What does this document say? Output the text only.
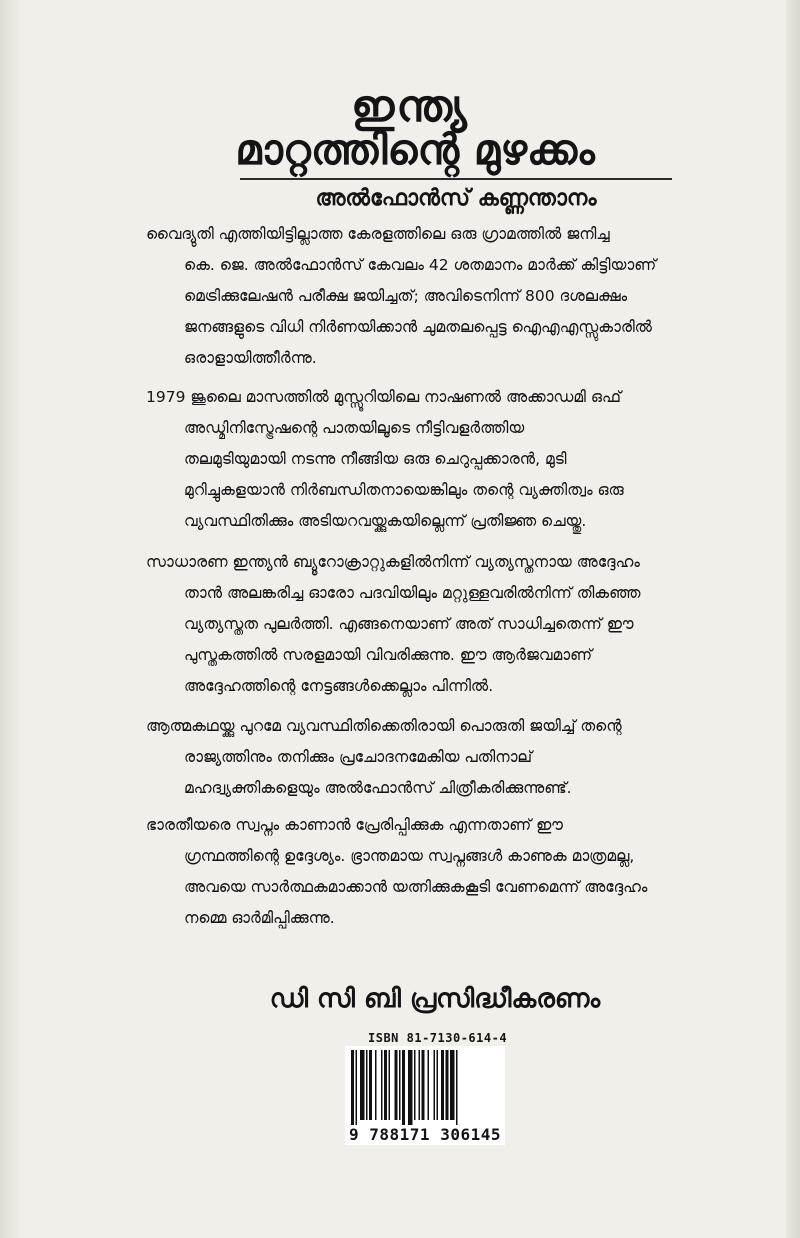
ഇന്ത്യ
മാറ്റത്തിന്റെ മുഴക്കം
അൽഫോൻസ് കണ്ണന്താനം
വൈദ്യുതി എത്തിയിട്ടില്ലാത്ത കേരളത്തിലെ ഒരു ഗ്രാമത്തിൽ ജനിച്ച
കെ. ജെ. അൽഫോൻസ് കേവലം 42 ശതമാനം മാർക്ക് കിട്ടിയാണ്
മെട്രിക്കുലേഷൻ പരീക്ഷ ജയിച്ചത്; അവിടെനിന്ന് 800 ദശലക്ഷം
ജനങ്ങളുടെ വിധി നിർണയിക്കാൻ ചുമതലപ്പെട്ട ഐഎഎസ്സുകാരിൽ
ഒരാളായിത്തീർന്നു.
1979 ജൂലൈ മാസത്തിൽ മുസ്സൂറിയിലെ നാഷണൽ അക്കാഡമി ഒഫ്
അഡ്മിനിസ്ട്രേഷന്റെ പാതയിലൂടെ നീട്ടിവളർത്തിയ
തലമുടിയുമായി നടന്നു നീങ്ങിയ ഒരു ചെറുപ്പക്കാരൻ, മുടി
മുറിച്ചുകളയാൻ നിർബന്ധിതനായെങ്കിലും തന്റെ വ്യക്തിത്വം ഒരു
വ്യവസ്ഥിതിക്കും അടിയറവയ്ക്കുകയില്ലെന്ന് പ്രതിജ്ഞ ചെയ്തു.
സാധാരണ ഇന്ത്യൻ ബ്യൂറോക്രാറ്റുകളിൽനിന്ന് വ്യത്യസ്തനായ അദ്ദേഹം
താൻ അലങ്കരിച്ച ഓരോ പദവിയിലും മറ്റുള്ളവരിൽനിന്ന് തികഞ്ഞ
വ്യത്യസ്തത പുലർത്തി. എങ്ങനെയാണ് അത് സാധിച്ചതെന്ന് ഈ
പുസ്തകത്തിൽ സരളമായി വിവരിക്കുന്നു. ഈ ആർജവമാണ്
അദ്ദേഹത്തിന്റെ നേട്ടങ്ങൾക്കെല്ലാം പിന്നിൽ.
ആത്മകഥയ്ക്കു പുറമേ വ്യവസ്ഥിതിക്കെതിരായി പൊരുതി ജയിച്ച് തന്റെ
രാജ്യത്തിനും തനിക്കും പ്രചോദനമേകിയ പതിനാല്
മഹദ്വ്യക്തികളെയും അൽഫോൻസ് ചിത്രീകരിക്കുന്നുണ്ട്.
ഭാരതീയരെ സ്വപ്നം കാണാൻ പ്രേരിപ്പിക്കുക എന്നതാണ് ഈ
ഗ്രന്ഥത്തിന്റെ ഉദ്ദേശ്യം. ഭ്രാന്തമായ സ്വപ്നങ്ങൾ കാണുക മാത്രമല്ല,
അവയെ സാർത്ഥകമാക്കാൻ യത്നിക്കുകകൂടി വേണമെന്ന് അദ്ദേഹം
നമ്മെ ഓർമിപ്പിക്കുന്നു.
ഡി സി ബി പ്രസിദ്ധീകരണം
ISBN 81-7130-614-4
9 788171 306145
